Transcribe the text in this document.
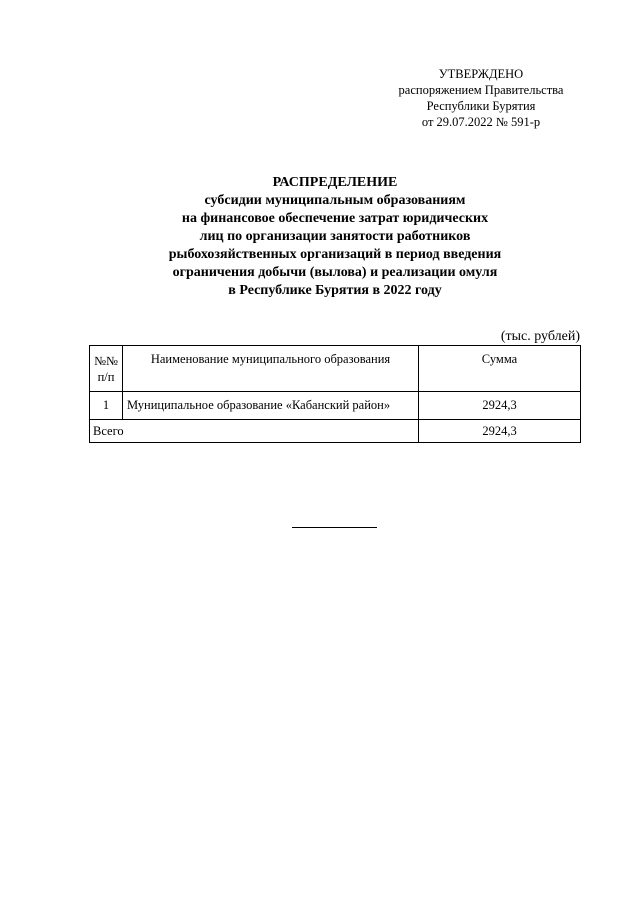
УТВЕРЖДЕНО
распоряжением Правительства
Республики Бурятия
от 29.07.2022 № 591-р
РАСПРЕДЕЛЕНИЕ
субсидии муниципальным образованиям
на финансовое обеспечение затрат юридических
лиц по организации занятости работников
рыбохозяйственных организаций в период введения
ограничения добычи (вылова) и реализации омуля
в Республике Бурятия в 2022 году
(тыс. рублей)
№№ п/п	Наименование муниципального образования	Сумма
1	Муниципальное образование «Кабанский район»	2924,3
Всего		2924,3
